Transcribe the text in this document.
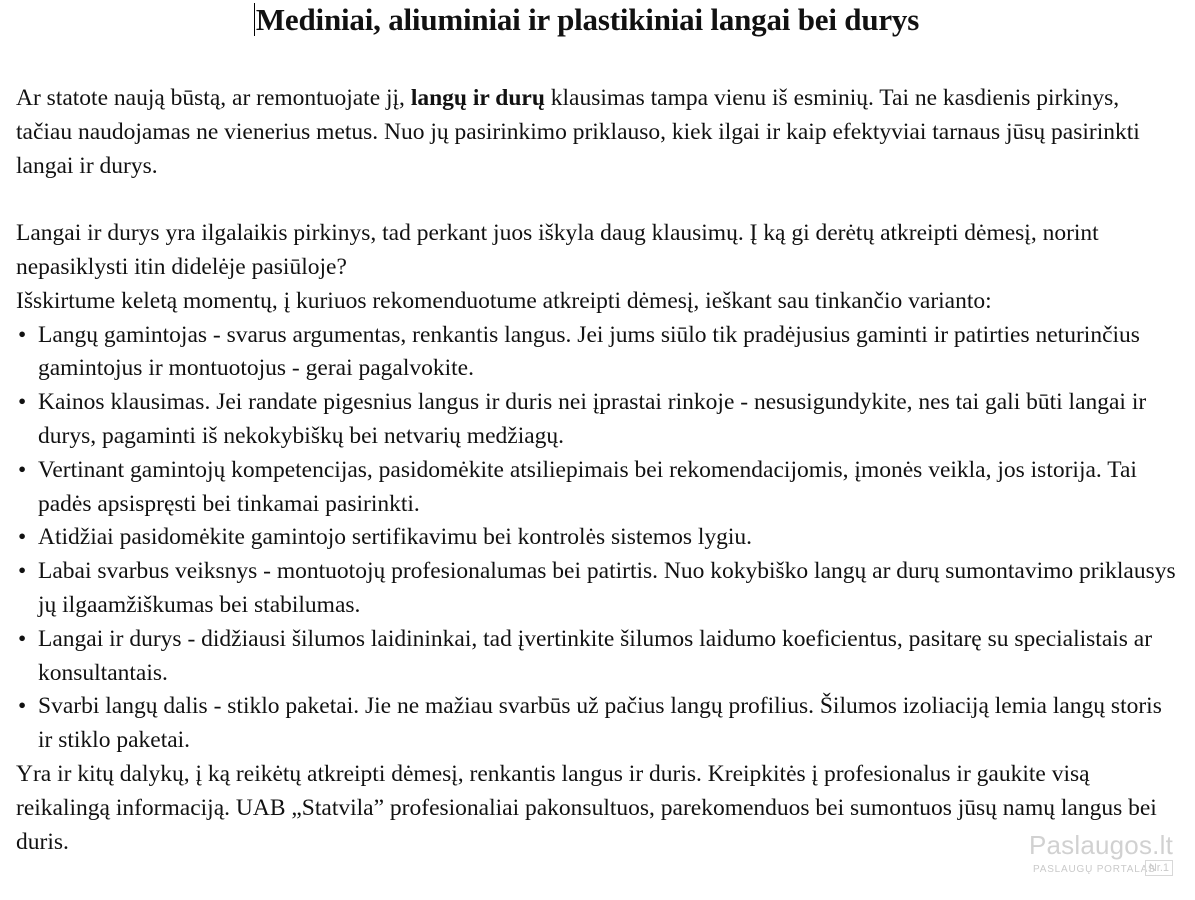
Mediniai, aliuminiai ir plastikiniai langai bei durys

Ar statote naują būstą, ar remontuojate jį, langų ir durų klausimas tampa vienu iš esminių. Tai ne kasdienis pirkinys, tačiau naudojamas ne vienerius metus. Nuo jų pasirinkimo priklauso, kiek ilgai ir kaip efektyviai tarnaus jūsų pasirinkti langai ir durys.

Langai ir durys yra ilgalaikis pirkinys, tad perkant juos iškyla daug klausimų. Į ką gi derėtų atkreipti dėmesį, norint nepasiklysti itin didelėje pasiūloje?

Išskirtume keletą momentų, į kuriuos rekomenduotume atkreipti dėmesį, ieškant sau tinkančio varianto:

• Langų gamintojas - svarus argumentas, renkantis langus. Jei jums siūlo tik pradėjusius gaminti ir patirties neturinčius gamintojus ir montuotojus - gerai pagalvokite.
• Kainos klausimas. Jei randate pigesnius langus ir duris nei įprastai rinkoje - nesusigundykite, nes tai gali būti langai ir durys, pagaminti iš nekokybiškų bei netvarių medžiagų.
• Vertinant gamintojų kompetencijas, pasidomėkite atsiliepimais bei rekomendacijomis, įmonės veikla, jos istorija. Tai padės apsispręsti bei tinkamai pasirinkti.
• Atidžiai pasidomėkite gamintojo sertifikavimu bei kontrolės sistemos lygiu.
• Labai svarbus veiksnys - montuotojų profesionalumas bei patirtis. Nuo kokybiško langų ar durų sumontavimo priklausys jų ilgaamžiškumas bei stabilumas.
• Langai ir durys - didžiausi šilumos laidininkai, tad įvertinkite šilumos laidumo koeficientus, pasitarę su specialistais ar konsultantais.
• Svarbi langų dalis - stiklo paketai. Jie ne mažiau svarbūs už pačius langų profilius. Šilumos izoliaciją lemia langų storis ir stiklo paketai.

Yra ir kitų dalykų, į ką reikėtų atkreipti dėmesį, renkantis langus ir duris. Kreipkitės į profesionalus ir gaukite visą reikalingą informaciją. UAB „Statvila” profesionaliai pakonsultuos, parekomenduos bei sumontuos jūsų namų langus bei duris.	Paslaugos.lt
PASLAUGŲ PORTALAS
Nr.1
